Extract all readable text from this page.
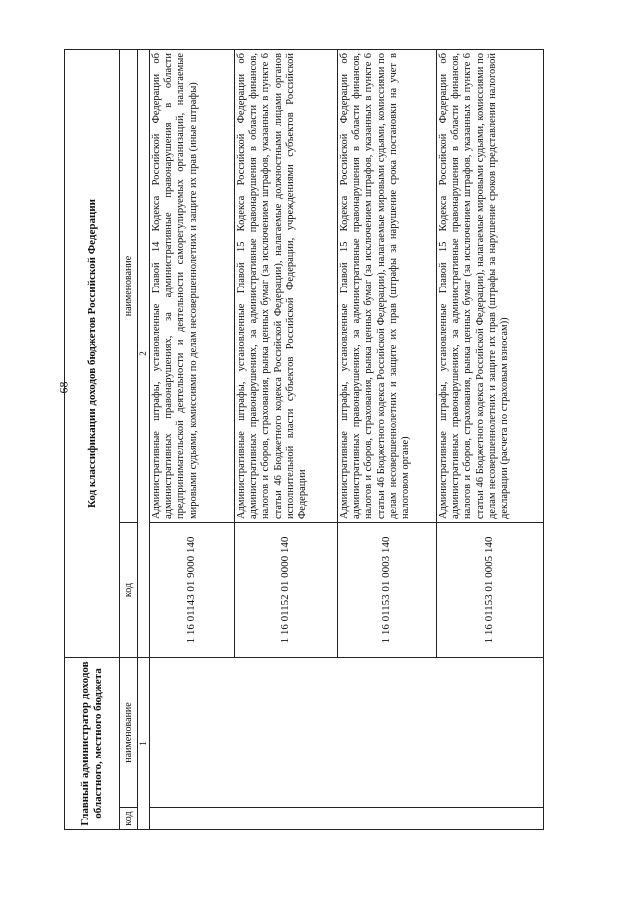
68
Главный администратор доходов областного, местного бюджета		Код классификации доходов бюджетов Российской Федерации	
код	наименование	код	наименование
1		2	
		1 16 01143 01 9000 140	Административные штрафы, установленные Главой 14 Кодекса Российской Федерации об административных правонарушениях, за административные правонарушения в области предпринимательской деятельности и деятельности саморегулируемых организаций, налагаемые мировыми судьями, комиссиями по делам несовершеннолетних и защите их прав (иные штрафы)
		1 16 01152 01 0000 140	Административные штрафы, установленные Главой 15 Кодекса Российской Федерации об административных правонарушениях, за административные правонарушения в области финансов, налогов и сборов, страхования, рынка ценных бумаг (за исключением штрафов, указанных в пункте 6 статьи 46 Бюджетного кодекса Российской Федерации), налагаемые должностными лицами органов исполнительной власти субъектов Российской Федерации, учреждениями субъектов Российской Федерации
		1 16 01153 01 0003 140	Административные штрафы, установленные Главой 15 Кодекса Российской Федерации об административных правонарушениях, за административные правонарушения в области финансов, налогов и сборов, страхования, рынка ценных бумаг (за исключением штрафов, указанных в пункте 6 статьи 46 Бюджетного кодекса Российской Федерации), налагаемые мировыми судьями, комиссиями по делам несовершеннолетних и защите их прав (штрафы за нарушение срока постановки на учет в налоговом органе)
		1 16 01153 01 0005 140	Административные штрафы, установленные Главой 15 Кодекса Российской Федерации об административных правонарушениях, за административные правонарушения в области финансов, налогов и сборов, страхования, рынка ценных бумаг (за исключением штрафов, указанных в пункте 6 статьи 46 Бюджетного кодекса Российской Федерации), налагаемые мировыми судьями, комиссиями по делам несовершеннолетних и защите их прав (штрафы за нарушение сроков представления налоговой декларации (расчета по страховым взносам))
